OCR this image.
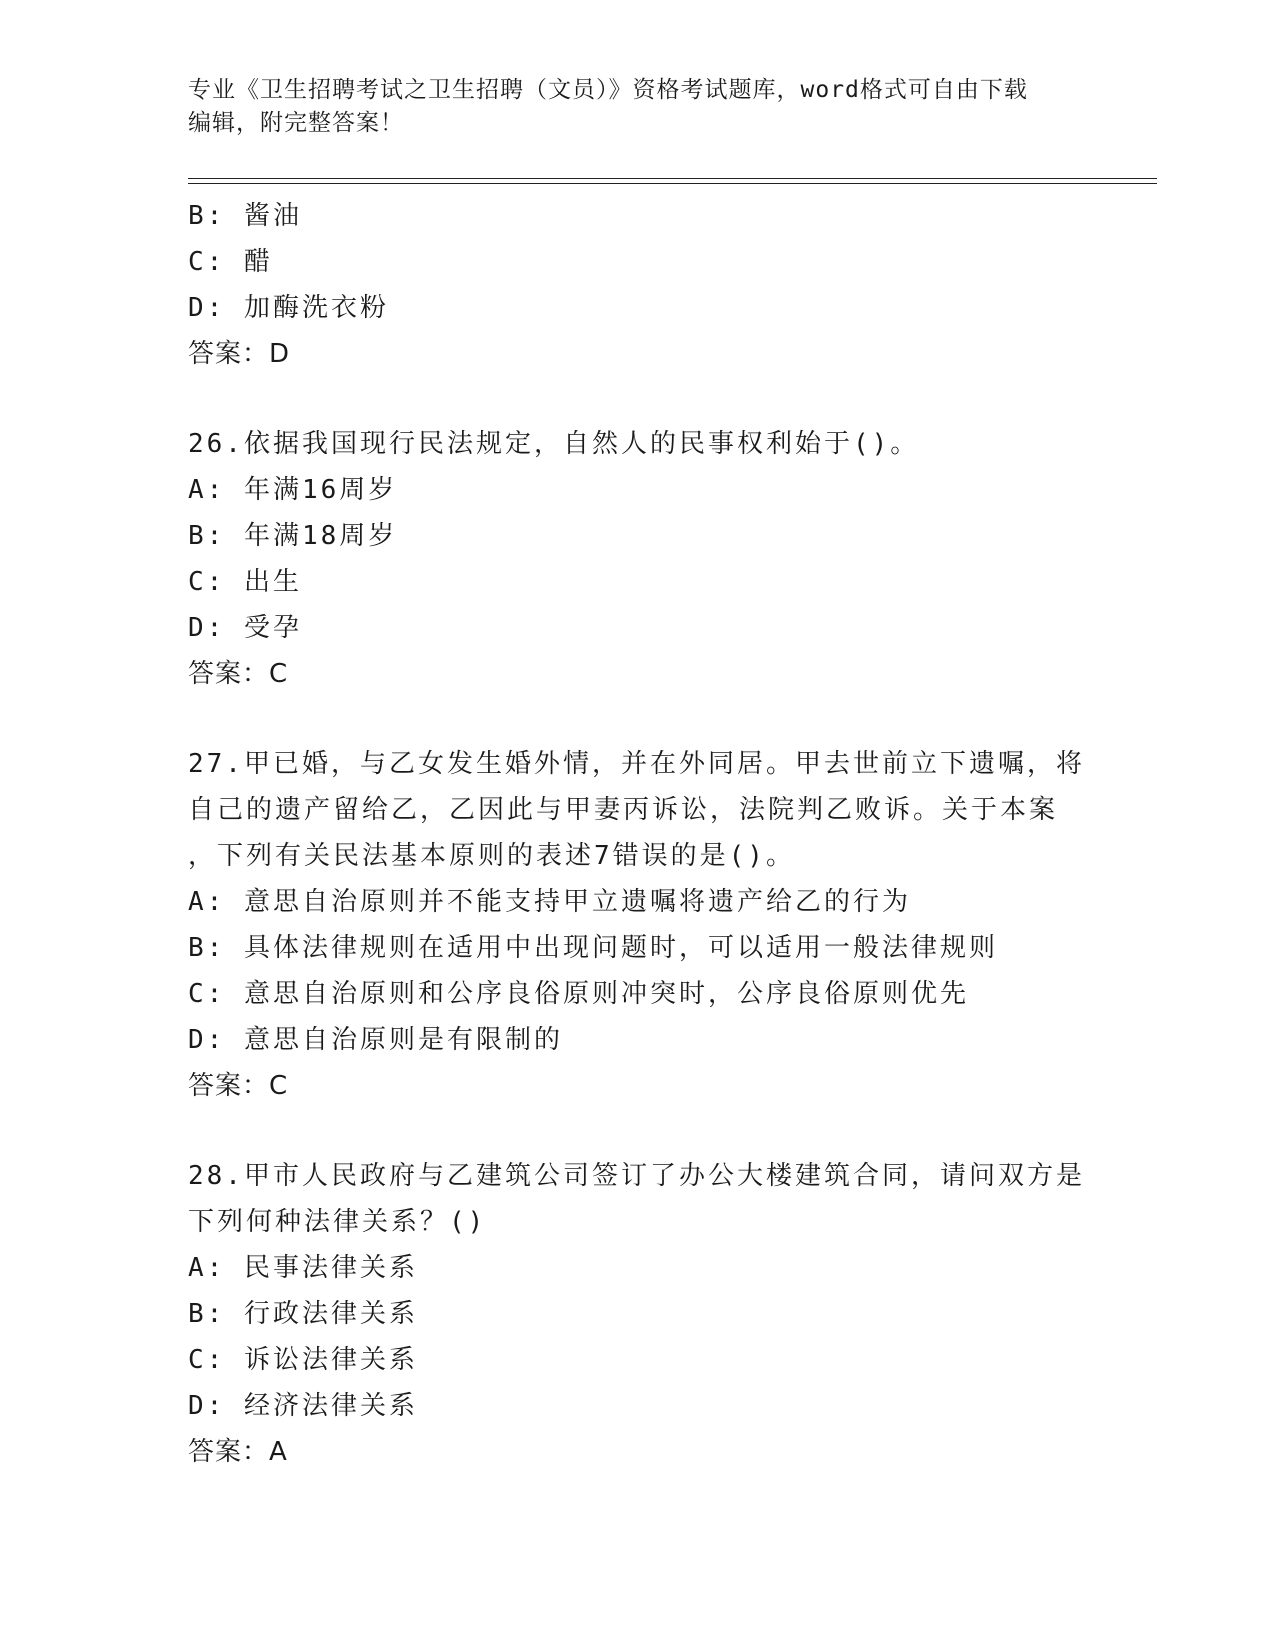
专业《卫生招聘考试之卫生招聘（文员）》资格考试题库，word格式可自由下载
编辑，附完整答案！
B: 酱油
C: 醋
D: 加酶洗衣粉
答案：D
26.依据我国现行民法规定，自然人的民事权利始于()。
A: 年满16周岁
B: 年满18周岁
C: 出生
D: 受孕
答案：C
27.甲已婚，与乙女发生婚外情，并在外同居。甲去世前立下遗嘱，将
自己的遗产留给乙，乙因此与甲妻丙诉讼，法院判乙败诉。关于本案
，下列有关民法基本原则的表述7错误的是()。
A: 意思自治原则并不能支持甲立遗嘱将遗产给乙的行为
B: 具体法律规则在适用中出现问题时，可以适用一般法律规则
C: 意思自治原则和公序良俗原则冲突时，公序良俗原则优先
D: 意思自治原则是有限制的
答案：C
28.甲市人民政府与乙建筑公司签订了办公大楼建筑合同，请问双方是
下列何种法律关系？()
A: 民事法律关系
B: 行政法律关系
C: 诉讼法律关系
D: 经济法律关系
答案：A
